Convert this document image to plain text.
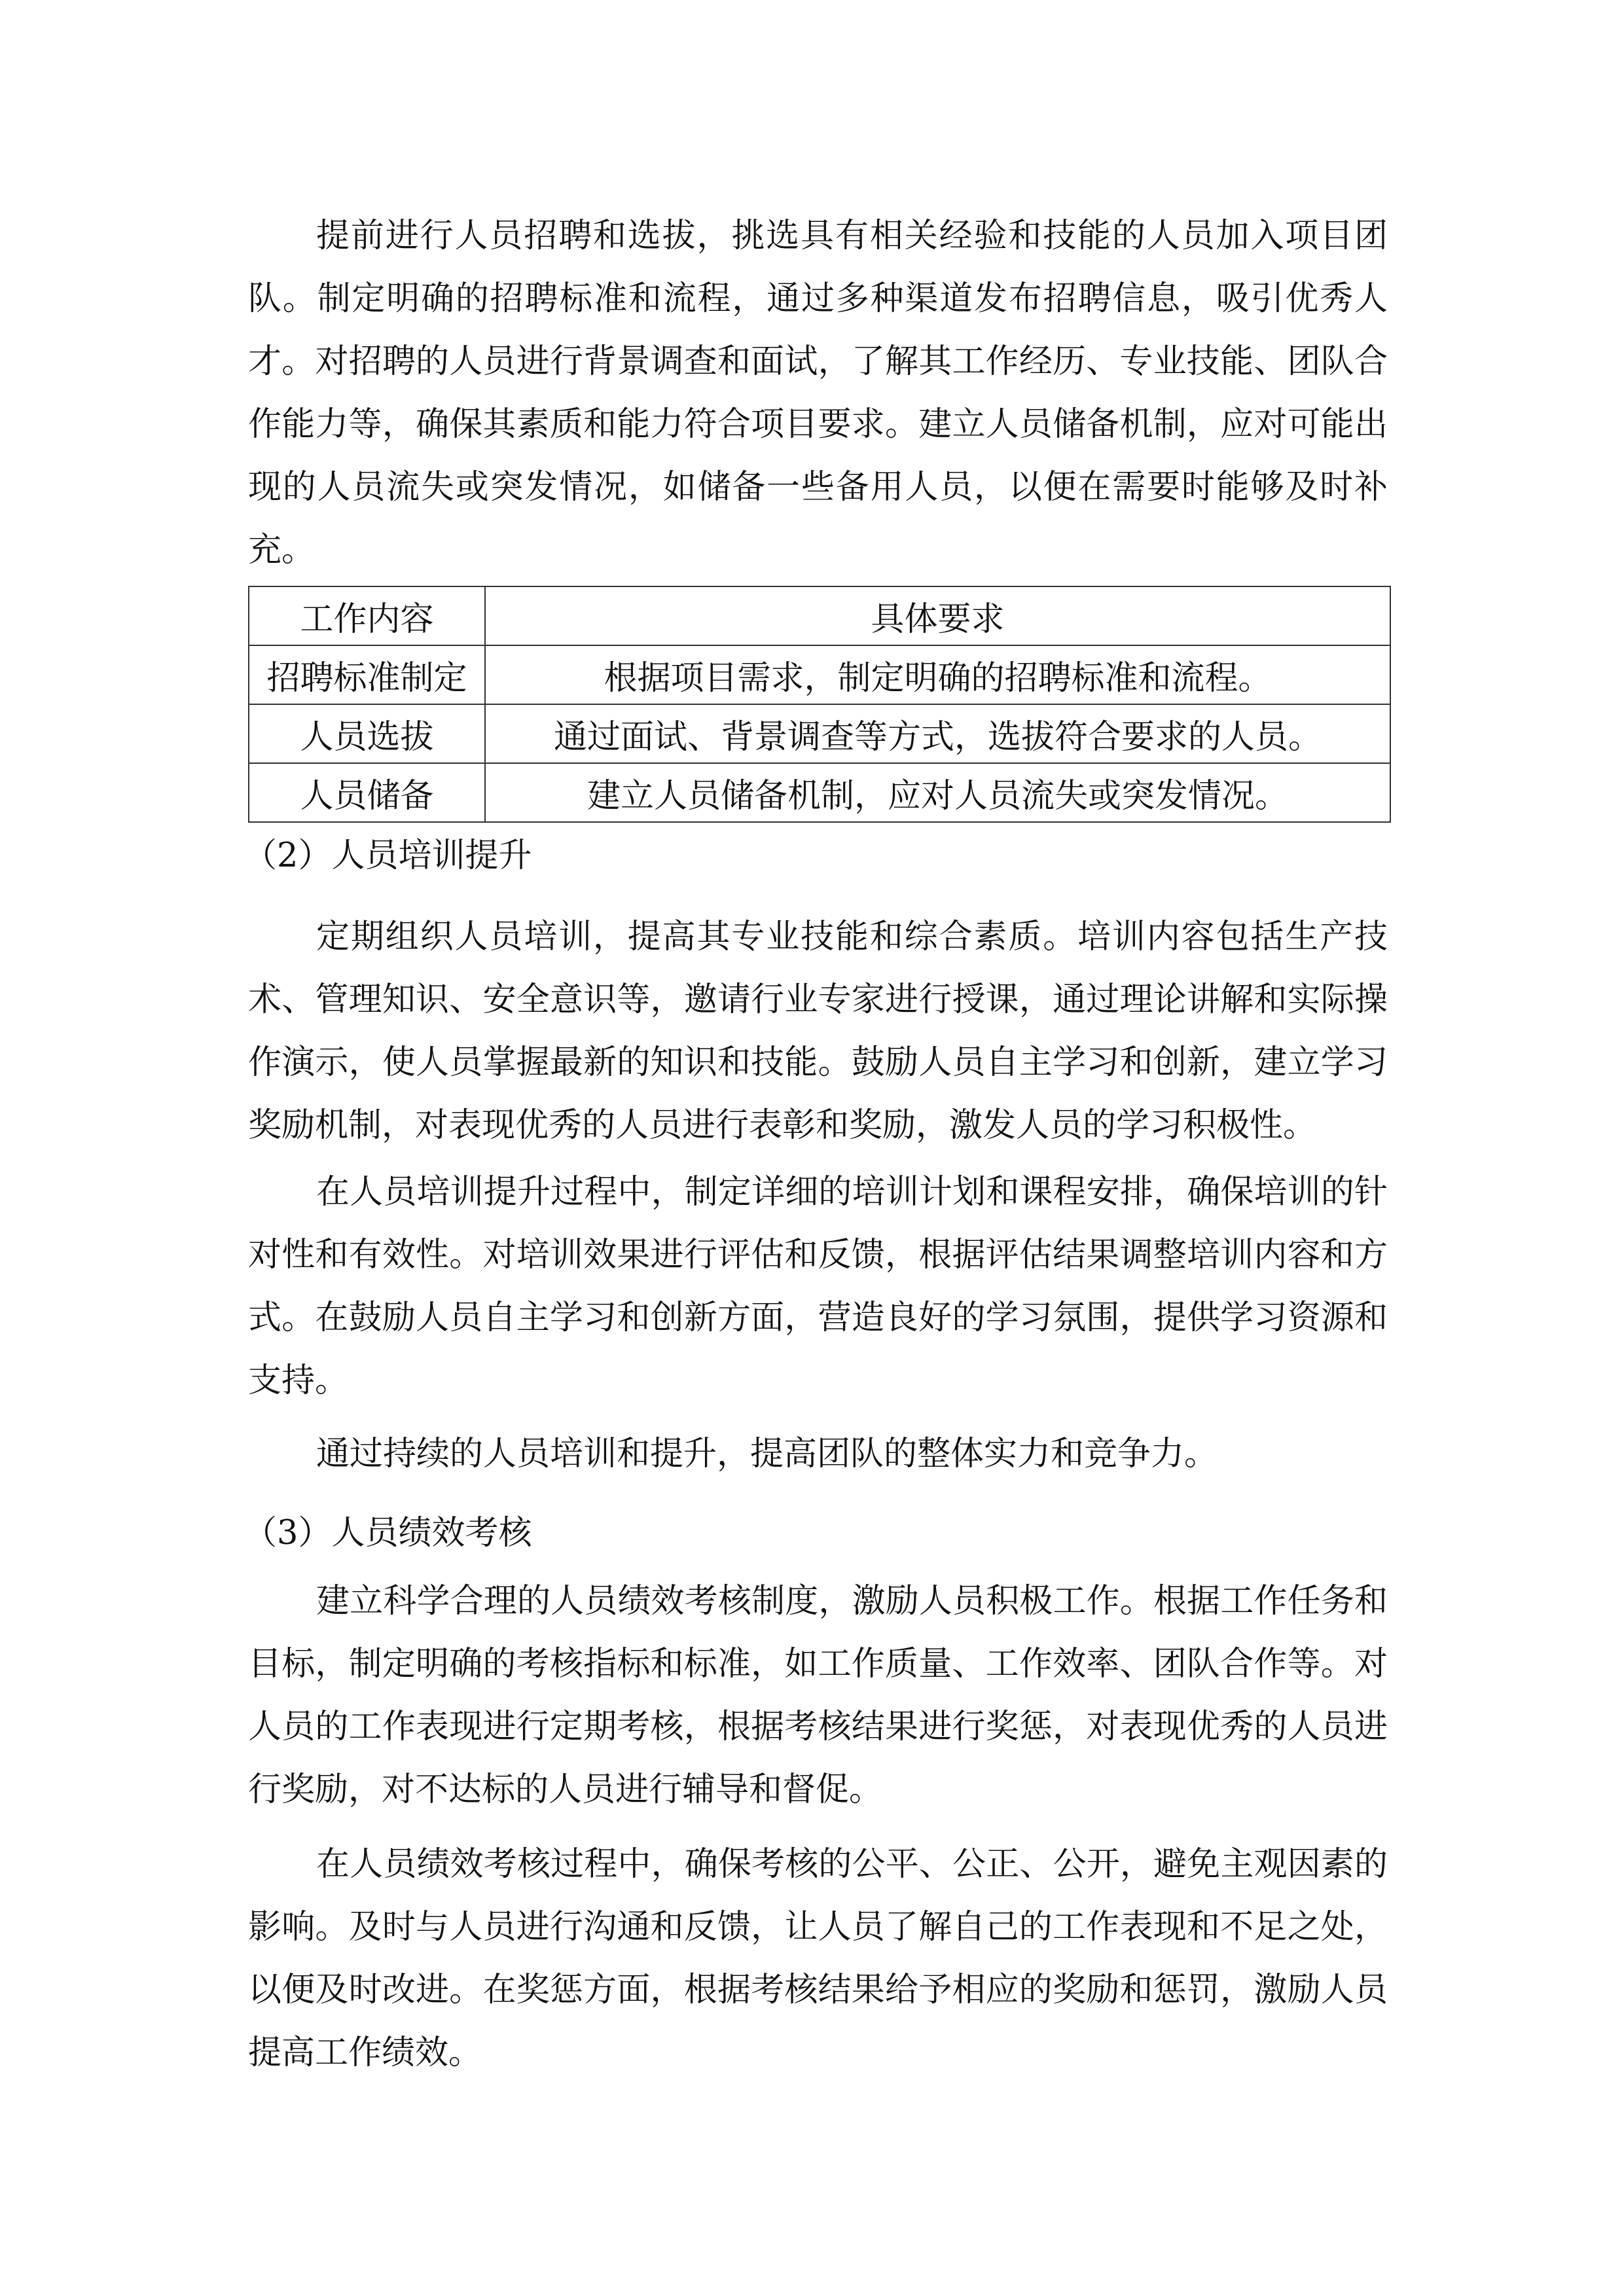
提前进行人员招聘和选拔，挑选具有相关经验和技能的人员加入项目团
队。制定明确的招聘标准和流程，通过多种渠道发布招聘信息，吸引优秀人
才。对招聘的人员进行背景调查和面试，了解其工作经历、专业技能、团队合
作能力等，确保其素质和能力符合项目要求。建立人员储备机制，应对可能出
现的人员流失或突发情况，如储备一些备用人员，以便在需要时能够及时补
充。
工作内容	具体要求
招聘标准制定	根据项目需求，制定明确的招聘标准和流程。
人员选拔	通过面试、背景调查等方式，选拔符合要求的人员。
人员储备	建立人员储备机制，应对人员流失或突发情况。
（2）人员培训提升
定期组织人员培训，提高其专业技能和综合素质。培训内容包括生产技
术、管理知识、安全意识等，邀请行业专家进行授课，通过理论讲解和实际操
作演示，使人员掌握最新的知识和技能。鼓励人员自主学习和创新，建立学习
奖励机制，对表现优秀的人员进行表彰和奖励，激发人员的学习积极性。
在人员培训提升过程中，制定详细的培训计划和课程安排，确保培训的针
对性和有效性。对培训效果进行评估和反馈，根据评估结果调整培训内容和方
式。在鼓励人员自主学习和创新方面，营造良好的学习氛围，提供学习资源和
支持。
通过持续的人员培训和提升，提高团队的整体实力和竞争力。
（3）人员绩效考核
建立科学合理的人员绩效考核制度，激励人员积极工作。根据工作任务和
目标，制定明确的考核指标和标准，如工作质量、工作效率、团队合作等。对
人员的工作表现进行定期考核，根据考核结果进行奖惩，对表现优秀的人员进
行奖励，对不达标的人员进行辅导和督促。
在人员绩效考核过程中，确保考核的公平、公正、公开，避免主观因素的
影响。及时与人员进行沟通和反馈，让人员了解自己的工作表现和不足之处，
以便及时改进。在奖惩方面，根据考核结果给予相应的奖励和惩罚，激励人员
提高工作绩效。
